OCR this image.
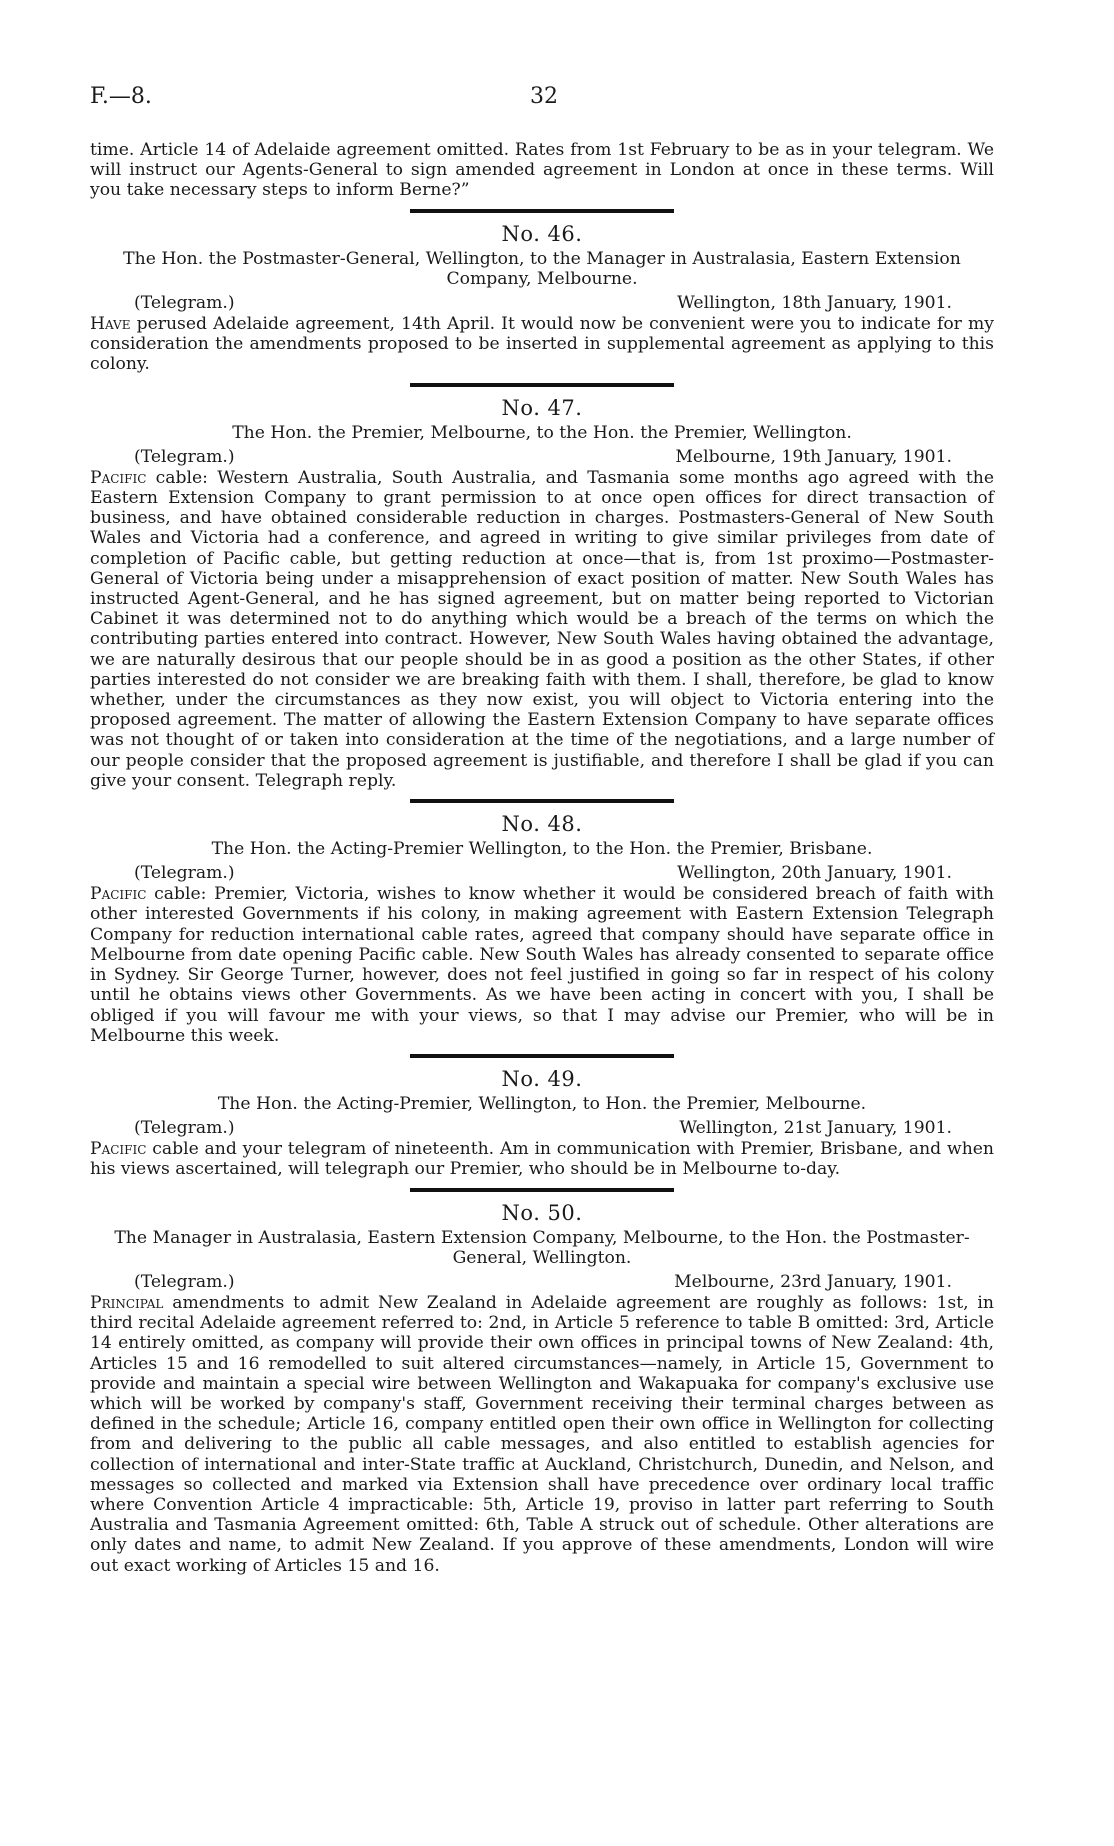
F.—8.	32

time. Article 14 of Adelaide agreement omitted. Rates from 1st February to be as in your telegram. We will instruct our Agents-General to sign amended agreement in London at once in these terms. Will you take necessary steps to inform Berne?”

No. 46.

The Hon. the Postmaster-General, Wellington, to the Manager in Australasia, Eastern Extension Company, Melbourne.

(Telegram.)	Wellington, 18th January, 1901.

Have perused Adelaide agreement, 14th April. It would now be convenient were you to indicate for my consideration the amendments proposed to be inserted in supplemental agreement as applying to this colony.

No. 47.

The Hon. the Premier, Melbourne, to the Hon. the Premier, Wellington.

(Telegram.)	Melbourne, 19th January, 1901.

Pacific cable: Western Australia, South Australia, and Tasmania some months ago agreed with the Eastern Extension Company to grant permission to at once open offices for direct transaction of business, and have obtained considerable reduction in charges. Postmasters-General of New South Wales and Victoria had a conference, and agreed in writing to give similar privileges from date of completion of Pacific cable, but getting reduction at once—that is, from 1st proximo—Postmaster-General of Victoria being under a misapprehension of exact position of matter. New South Wales has instructed Agent-General, and he has signed agreement, but on matter being reported to Victorian Cabinet it was determined not to do anything which would be a breach of the terms on which the contributing parties entered into contract. However, New South Wales having obtained the advantage, we are naturally desirous that our people should be in as good a position as the other States, if other parties interested do not consider we are breaking faith with them. I shall, therefore, be glad to know whether, under the circumstances as they now exist, you will object to Victoria entering into the proposed agreement. The matter of allowing the Eastern Extension Company to have separate offices was not thought of or taken into consideration at the time of the negotiations, and a large number of our people consider that the proposed agreement is justifiable, and therefore I shall be glad if you can give your consent. Telegraph reply.

No. 48.

The Hon. the Acting-Premier Wellington, to the Hon. the Premier, Brisbane.

(Telegram.)	Wellington, 20th January, 1901.

Pacific cable: Premier, Victoria, wishes to know whether it would be considered breach of faith with other interested Governments if his colony, in making agreement with Eastern Extension Telegraph Company for reduction international cable rates, agreed that company should have separate office in Melbourne from date opening Pacific cable. New South Wales has already consented to separate office in Sydney. Sir George Turner, however, does not feel justified in going so far in respect of his colony until he obtains views other Governments. As we have been acting in concert with you, I shall be obliged if you will favour me with your views, so that I may advise our Premier, who will be in Melbourne this week.

No. 49.

The Hon. the Acting-Premier, Wellington, to Hon. the Premier, Melbourne.

(Telegram.)	Wellington, 21st January, 1901.

Pacific cable and your telegram of nineteenth. Am in communication with Premier, Brisbane, and when his views ascertained, will telegraph our Premier, who should be in Melbourne to-day.

No. 50.

The Manager in Australasia, Eastern Extension Company, Melbourne, to the Hon. the Postmaster-General, Wellington.

(Telegram.)	Melbourne, 23rd January, 1901.

Principal amendments to admit New Zealand in Adelaide agreement are roughly as follows: 1st, in third recital Adelaide agreement referred to: 2nd, in Article 5 reference to table B omitted: 3rd, Article 14 entirely omitted, as company will provide their own offices in principal towns of New Zealand: 4th, Articles 15 and 16 remodelled to suit altered circumstances—namely, in Article 15, Government to provide and maintain a special wire between Wellington and Wakapuaka for company's exclusive use which will be worked by company's staff, Government receiving their terminal charges between as defined in the schedule; Article 16, company entitled open their own office in Wellington for collecting from and delivering to the public all cable messages, and also entitled to establish agencies for collection of international and inter-State traffic at Auckland, Christchurch, Dunedin, and Nelson, and messages so collected and marked via Extension shall have precedence over ordinary local traffic where Convention Article 4 impracticable: 5th, Article 19, proviso in latter part referring to South Australia and Tasmania Agreement omitted: 6th, Table A struck out of schedule. Other alterations are only dates and name, to admit New Zealand. If you approve of these amendments, London will wire out exact working of Articles 15 and 16.
